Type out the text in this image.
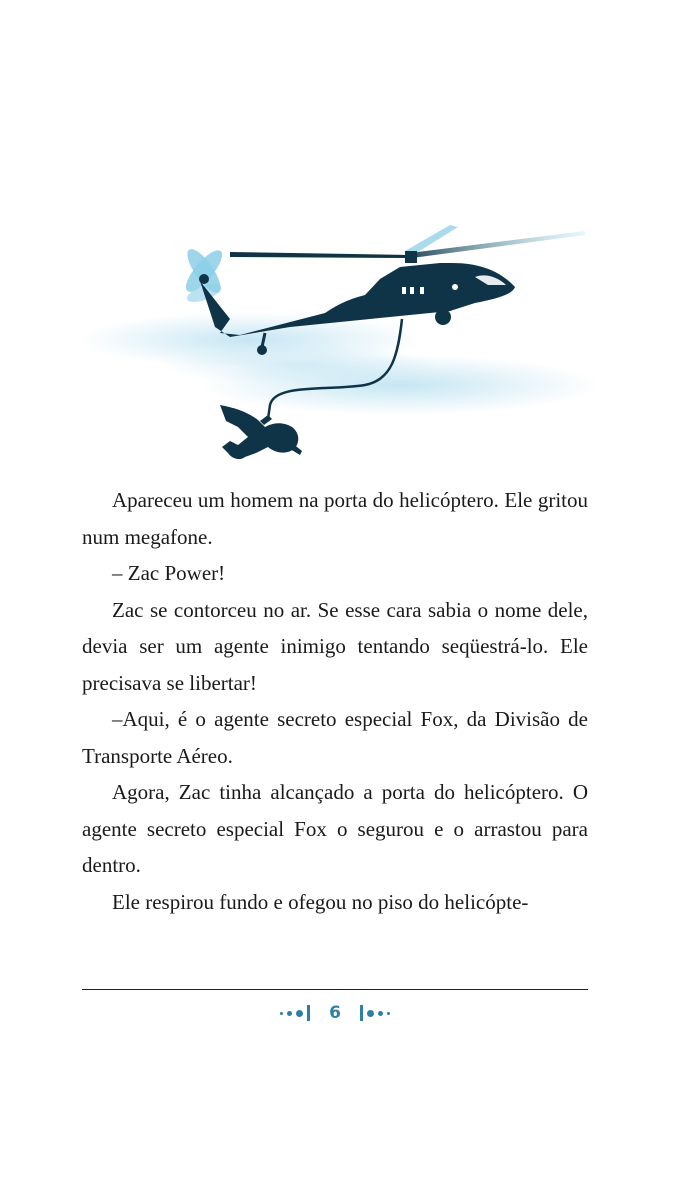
Apareceu um homem na porta do helicóptero. Ele gritou num megafone.

– Zac Power!

Zac se contorceu no ar. Se esse cara sabia o nome dele, devia ser um agente inimigo tentando seqüestrá-lo. Ele precisava se libertar!

–Aqui, é o agente secreto especial Fox, da Divisão de Transporte Aéreo.

Agora, Zac tinha alcançado a porta do helicóptero. O agente secreto especial Fox o segurou e o arrastou para dentro.

Ele respirou fundo e ofegou no piso do helicópte-

6
